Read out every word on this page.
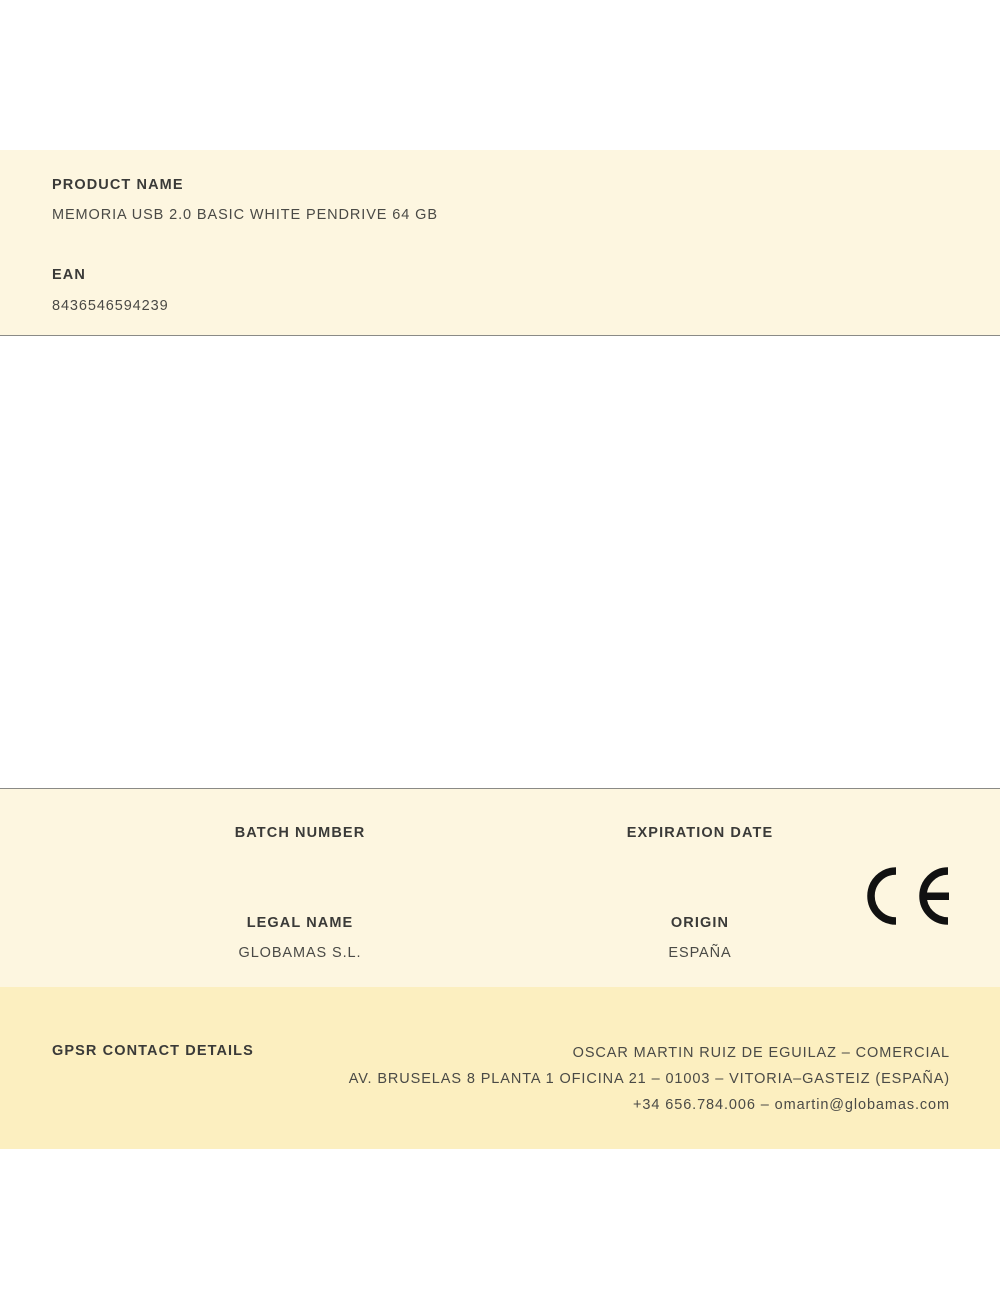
PRODUCT NAME
MEMORIA USB 2.0 BASIC WHITE PENDRIVE 64 GB
EAN
8436546594239
BATCH NUMBER	EXPIRATION DATE
LEGAL NAME
GLOBAMAS S.L.
ORIGIN
ESPAÑA
GPSR CONTACT DETAILS	OSCAR MARTIN RUIZ DE EGUILAZ – COMERCIAL
AV. BRUSELAS 8 PLANTA 1 OFICINA 21 – 01003 – VITORIA–GASTEIZ (ESPAÑA)
+34 656.784.006 – omartin@globamas.com
